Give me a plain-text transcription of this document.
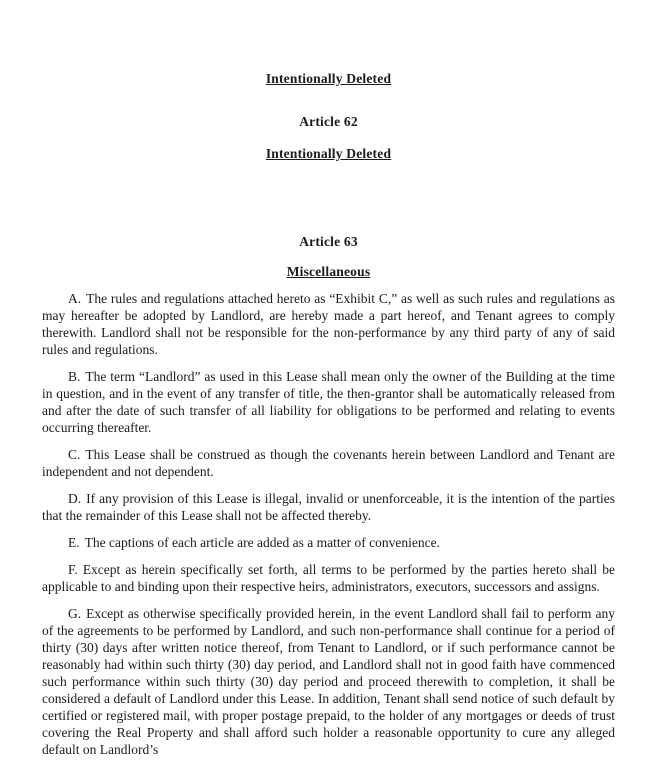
Intentionally Deleted

Article 62

Intentionally Deleted

Article 63

Miscellaneous

A. The rules and regulations attached hereto as “Exhibit C,” as well as such rules and regulations as may hereafter be adopted by Landlord, are hereby made a part hereof, and Tenant agrees to comply therewith. Landlord shall not be responsible for the non-performance by any third party of any of said rules and regulations.

B. The term “Landlord” as used in this Lease shall mean only the owner of the Building at the time in question, and in the event of any transfer of title, the then-grantor shall be automatically released from and after the date of such transfer of all liability for obligations to be performed and relating to events occurring thereafter.

C. This Lease shall be construed as though the covenants herein between Landlord and Tenant are independent and not dependent.

D. If any provision of this Lease is illegal, invalid or unenforceable, it is the intention of the parties that the remainder of this Lease shall not be affected thereby.

E. The captions of each article are added as a matter of convenience.

F. Except as herein specifically set forth, all terms to be performed by the parties hereto shall be applicable to and binding upon their respective heirs, administrators, executors, successors and assigns.

G. Except as otherwise specifically provided herein, in the event Landlord shall fail to perform any of the agreements to be performed by Landlord, and such non-performance shall continue for a period of thirty (30) days after written notice thereof, from Tenant to Landlord, or if such performance cannot be reasonably had within such thirty (30) day period, and Landlord shall not in good faith have commenced such performance within such thirty (30) day period and proceed therewith to completion, it shall be considered a default of Landlord under this Lease. In addition, Tenant shall send notice of such default by certified or registered mail, with proper postage prepaid, to the holder of any mortgages or deeds of trust covering the Real Property and shall afford such holder a reasonable opportunity to cure any alleged default on Landlord’s
